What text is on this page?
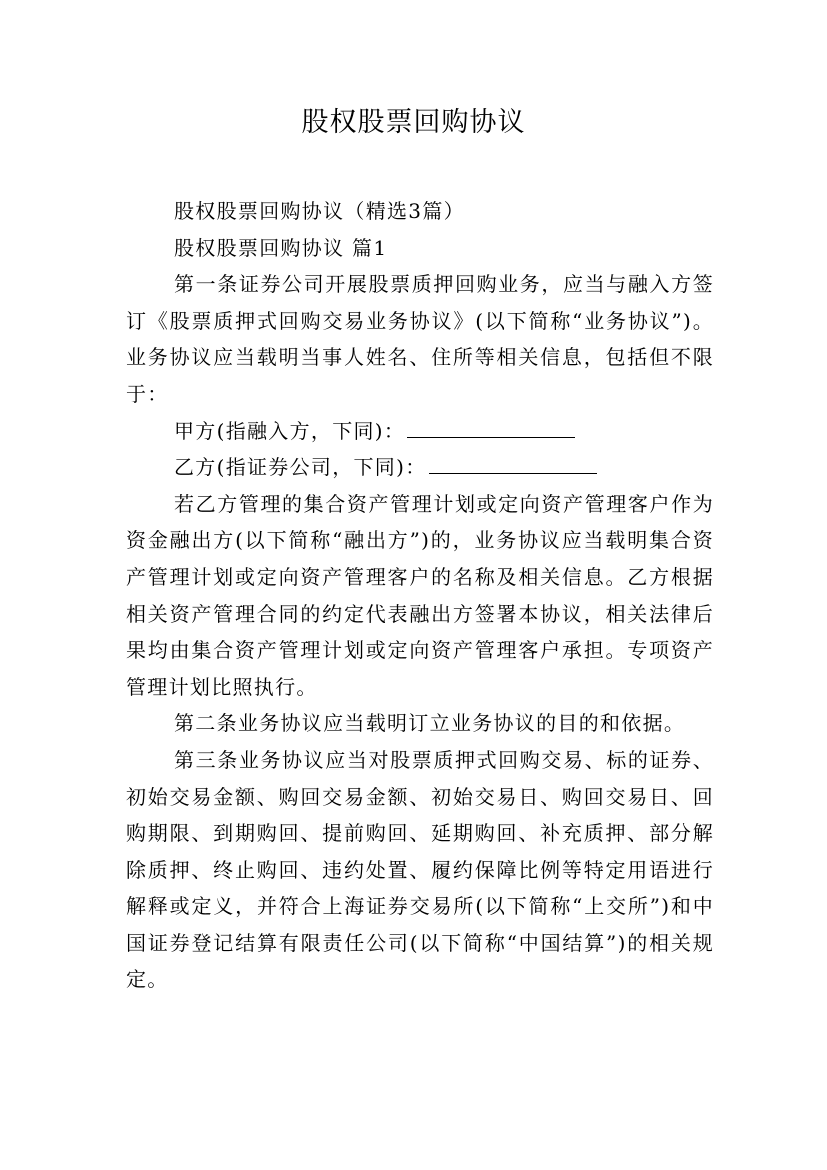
股权股票回购协议

股权股票回购协议（精选3篇）

股权股票回购协议 篇1

第一条证券公司开展股票质押回购业务，应当与融入方签订《股票质押式回购交易业务协议》(以下简称“业务协议”)。业务协议应当载明当事人姓名、住所等相关信息，包括但不限于：

甲方(指融入方，下同)：

乙方(指证券公司，下同)：

若乙方管理的集合资产管理计划或定向资产管理客户作为资金融出方(以下简称“融出方”)的，业务协议应当载明集合资产管理计划或定向资产管理客户的名称及相关信息。乙方根据相关资产管理合同的约定代表融出方签署本协议，相关法律后果均由集合资产管理计划或定向资产管理客户承担。专项资产管理计划比照执行。

第二条业务协议应当载明订立业务协议的目的和依据。

第三条业务协议应当对股票质押式回购交易、标的证券、初始交易金额、购回交易金额、初始交易日、购回交易日、回购期限、到期购回、提前购回、延期购回、补充质押、部分解除质押、终止购回、违约处置、履约保障比例等特定用语进行解释或定义，并符合上海证券交易所(以下简称“上交所”)和中国证券登记结算有限责任公司(以下简称“中国结算”)的相关规定。
